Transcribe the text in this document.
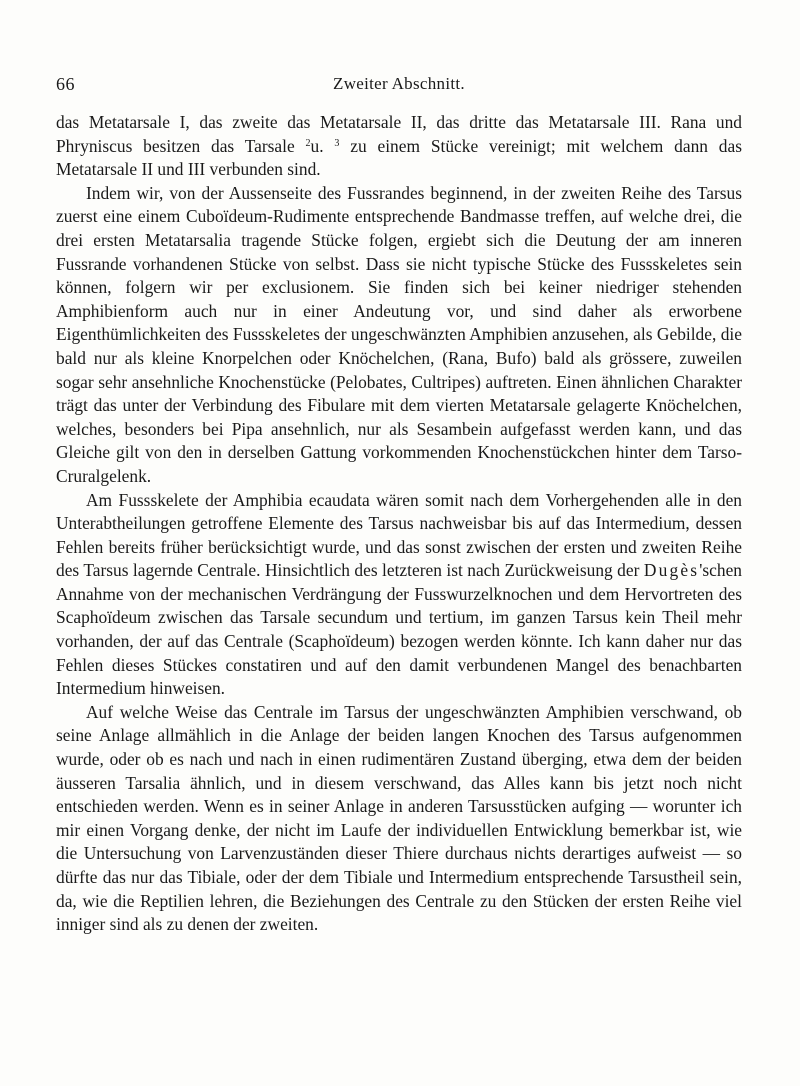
66	Zweiter Abschnitt.

das Metatarsale I, das zweite das Metatarsale II, das dritte das Metatarsale III. Rana und Phryniscus besitzen das Tarsale $^2$u. $^3$ zu einem Stücke vereinigt; mit welchem dann das Metatarsale II und III verbunden sind.

Indem wir, von der Aussenseite des Fussrandes beginnend, in der zweiten Reihe des Tarsus zuerst eine einem Cuboïdeum-Rudimente entsprechende Bandmasse treffen, auf welche drei, die drei ersten Metatarsalia tragende Stücke folgen, ergiebt sich die Deutung der am inneren Fussrande vorhandenen Stücke von selbst. Dass sie nicht typische Stücke des Fussskeletes sein können, folgern wir per exclusionem. Sie finden sich bei keiner niedriger stehenden Amphibienform auch nur in einer Andeutung vor, und sind daher als erworbene Eigenthümlichkeiten des Fussskeletes der ungeschwänzten Amphibien anzusehen, als Gebilde, die bald nur als kleine Knorpelchen oder Knöchelchen, (Rana, Bufo) bald als grössere, zuweilen sogar sehr ansehnliche Knochenstücke (Pelobates, Cultripes) auftreten. Einen ähnlichen Charakter trägt das unter der Verbindung des Fibulare mit dem vierten Metatarsale gelagerte Knöchelchen, welches, besonders bei Pipa ansehnlich, nur als Sesambein aufgefasst werden kann, und das Gleiche gilt von den in derselben Gattung vorkommenden Knochenstückchen hinter dem Tarso-Cruralgelenk.

Am Fussskelete der Amphibia ecaudata wären somit nach dem Vorhergehenden alle in den Unterabtheilungen getroffene Elemente des Tarsus nachweisbar bis auf das Intermedium, dessen Fehlen bereits früher berücksichtigt wurde, und das sonst zwischen der ersten und zweiten Reihe des Tarsus lagernde Centrale. Hinsichtlich des letzteren ist nach Zurückweisung der Dugès'schen Annahme von der mechanischen Verdrängung der Fusswurzelknochen und dem Hervortreten des Scaphoïdeum zwischen das Tarsale secundum und tertium, im ganzen Tarsus kein Theil mehr vorhanden, der auf das Centrale (Scaphoïdeum) bezogen werden könnte. Ich kann daher nur das Fehlen dieses Stückes constatiren und auf den damit verbundenen Mangel des benachbarten Intermedium hinweisen.

Auf welche Weise das Centrale im Tarsus der ungeschwänzten Amphibien verschwand, ob seine Anlage allmählich in die Anlage der beiden langen Knochen des Tarsus aufgenommen wurde, oder ob es nach und nach in einen rudimentären Zustand überging, etwa dem der beiden äusseren Tarsalia ähnlich, und in diesem verschwand, das Alles kann bis jetzt noch nicht entschieden werden. Wenn es in seiner Anlage in anderen Tarsusstücken aufging — worunter ich mir einen Vorgang denke, der nicht im Laufe der individuellen Entwicklung bemerkbar ist, wie die Untersuchung von Larvenzuständen dieser Thiere durchaus nichts derartiges aufweist — so dürfte das nur das Tibiale, oder der dem Tibiale und Intermedium entsprechende Tarsustheil sein, da, wie die Reptilien lehren, die Beziehungen des Centrale zu den Stücken der ersten Reihe viel inniger sind als zu denen der zweiten.
